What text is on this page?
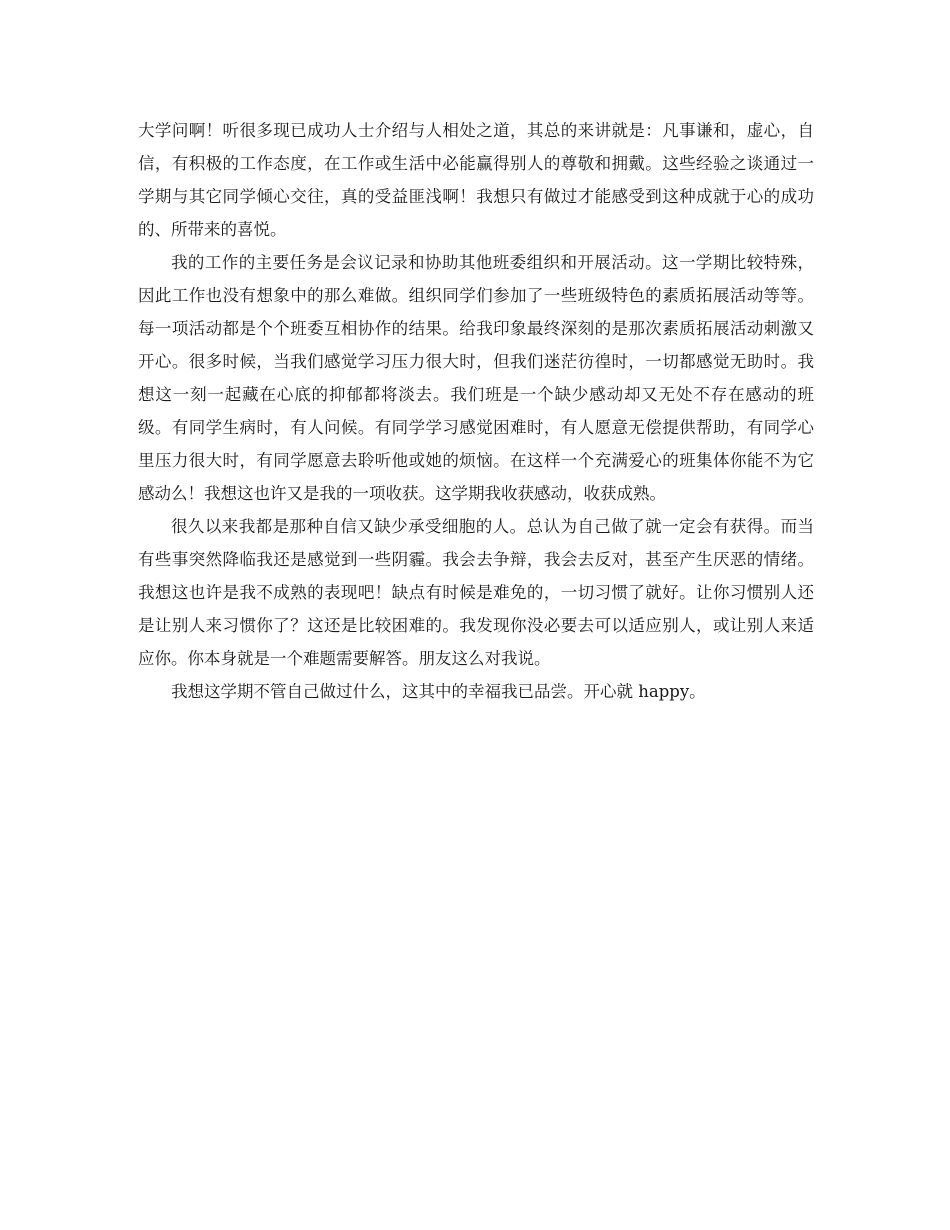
大学问啊！听很多现已成功人士介绍与人相处之道，其总的来讲就是：凡事谦和，虚心，自信，有积极的工作态度，在工作或生活中必能赢得别人的尊敬和拥戴。这些经验之谈通过一学期与其它同学倾心交往，真的受益匪浅啊！我想只有做过才能感受到这种成就于心的成功的、所带来的喜悦。

我的工作的主要任务是会议记录和协助其他班委组织和开展活动。这一学期比较特殊，因此工作也没有想象中的那么难做。组织同学们参加了一些班级特色的素质拓展活动等等。每一项活动都是个个班委互相协作的结果。给我印象最终深刻的是那次素质拓展活动刺激又开心。很多时候，当我们感觉学习压力很大时，但我们迷茫彷徨时，一切都感觉无助时。我想这一刻一起藏在心底的抑郁都将淡去。我们班是一个缺少感动却又无处不存在感动的班级。有同学生病时，有人问候。有同学学习感觉困难时，有人愿意无偿提供帮助，有同学心里压力很大时，有同学愿意去聆听他或她的烦恼。在这样一个充满爱心的班集体你能不为它感动么！我想这也许又是我的一项收获。这学期我收获感动，收获成熟。

很久以来我都是那种自信又缺少承受细胞的人。总认为自己做了就一定会有获得。而当有些事突然降临我还是感觉到一些阴霾。我会去争辩，我会去反对，甚至产生厌恶的情绪。我想这也许是我不成熟的表现吧！缺点有时候是难免的，一切习惯了就好。让你习惯别人还是让别人来习惯你了？这还是比较困难的。我发现你没必要去可以适应别人，或让别人来适应你。你本身就是一个难题需要解答。朋友这么对我说。

我想这学期不管自己做过什么，这其中的幸福我已品尝。开心就 happy。
